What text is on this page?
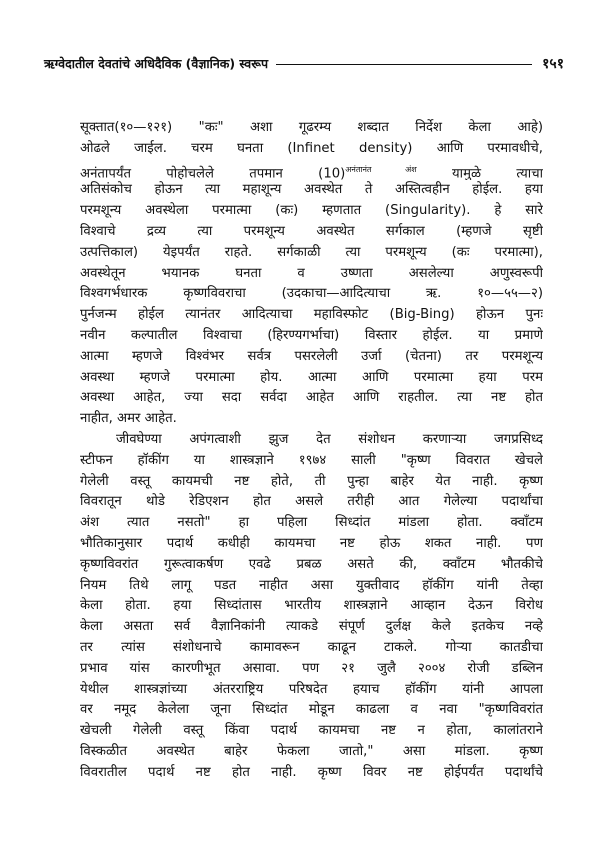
ऋग्वेदातील देवतांचे अधिदैविक (वैज्ञानिक) स्वरूप	१५१
सूक्तात(१०—१२१) "कः" अशा गूढरम्य शब्दात निर्देश केला आहे)
ओढले जाईल. चरम घनता (Infinet density) आणि परमावधीचे,
अनंतापर्यंत पोहोचलेले तपमान $(10)^{अनंतानंत अंश}$ यामुळे त्याचा
अतिसंकोच होऊन त्या महाशून्य अवस्थेत ते अस्तित्वहीन होईल. हया
परमशून्य अवस्थेला परमात्मा (कः) म्हणतात (Singularity). हे सारे
विश्वाचे द्रव्य त्या परमशून्य अवस्थेत सर्गकाल (म्हणजे सृष्टी
उत्पत्तिकाल) येइपर्यंत राहते. सर्गकाळी त्या परमशून्य (कः परमात्मा),
अवस्थेतून भयानक घनता व उष्णता असलेल्या अणुस्वरूपी
विश्वगर्भधारक कृष्णविवराचा (उदकाचा—आदित्याचा ऋ. १०—५५—२)
पुर्नजन्म होईल त्यानंतर आदित्याचा महाविस्फोट (Big-Bing) होऊन पुनः
नवीन कल्पातील विश्वाचा (हिरण्यगर्भाचा) विस्तार होईल. या प्रमाणे
आत्मा म्हणजे विश्वंभर सर्वत्र पसरलेली उर्जा (चेतना) तर परमशून्य
अवस्था म्हणजे परमात्मा होय. आत्मा आणि परमात्मा हया परम
अवस्था आहेत, ज्या सदा सर्वदा आहेत आणि राहतील. त्या नष्ट होत
नाहीत, अमर आहेत.
जीवघेण्या अपंगत्वाशी झुज देत संशोधन करणाऱ्या जगप्रसिध्द
स्टीफन हॉकींग या शास्त्रज्ञाने १९७४ साली "कृष्ण विवरात खेचले
गेलेली वस्तू कायमची नष्ट होते, ती पुन्हा बाहेर येत नाही. कृष्ण
विवरातून थोडे रेडिएशन होत असले तरीही आत गेलेल्या पदार्थांचा
अंश त्यात नसतो" हा पहिला सिध्दांत मांडला होता. क्वॉंटम
भौतिकानुसार पदार्थ कधीही कायमचा नष्ट होऊ शकत नाही. पण
कृष्णविवरांत गुरूत्वाकर्षण एवढे प्रबळ असते की, क्वॉंटम भौतकीचे
नियम तिथे लागू पडत नाहीत असा युक्तीवाद हॉकींग यांनी तेव्हा
केला होता. हया सिध्दांतास भारतीय शास्त्रज्ञाने आव्हान देऊन विरोध
केला असता सर्व वैज्ञानिकांनी त्याकडे संपूर्ण दुर्लक्ष केले इतकेच नव्हे
तर त्यांस संशोधनाचे कामावरून काढून टाकले. गोऱ्या कातडीचा
प्रभाव यांस कारणीभूत असावा. पण २१ जुलै २००४ रोजी डब्लिन
येथील शास्त्रज्ञांच्या अंतरराष्ट्रिय परिषदेत हयाच हॉकींग यांनी आपला
वर नमूद केलेला जूना सिध्दांत मोडून काढला व नवा "कृष्णविवरांत
खेचली गेलेली वस्तू किंवा पदार्थ कायमचा नष्ट न होता, कालांतराने
विस्कळीत अवस्थेत बाहेर फेकला जातो," असा मांडला. कृष्ण
विवरातील पदार्थ नष्ट होत नाही. कृष्ण विवर नष्ट होईपर्यंत पदार्थांचे
